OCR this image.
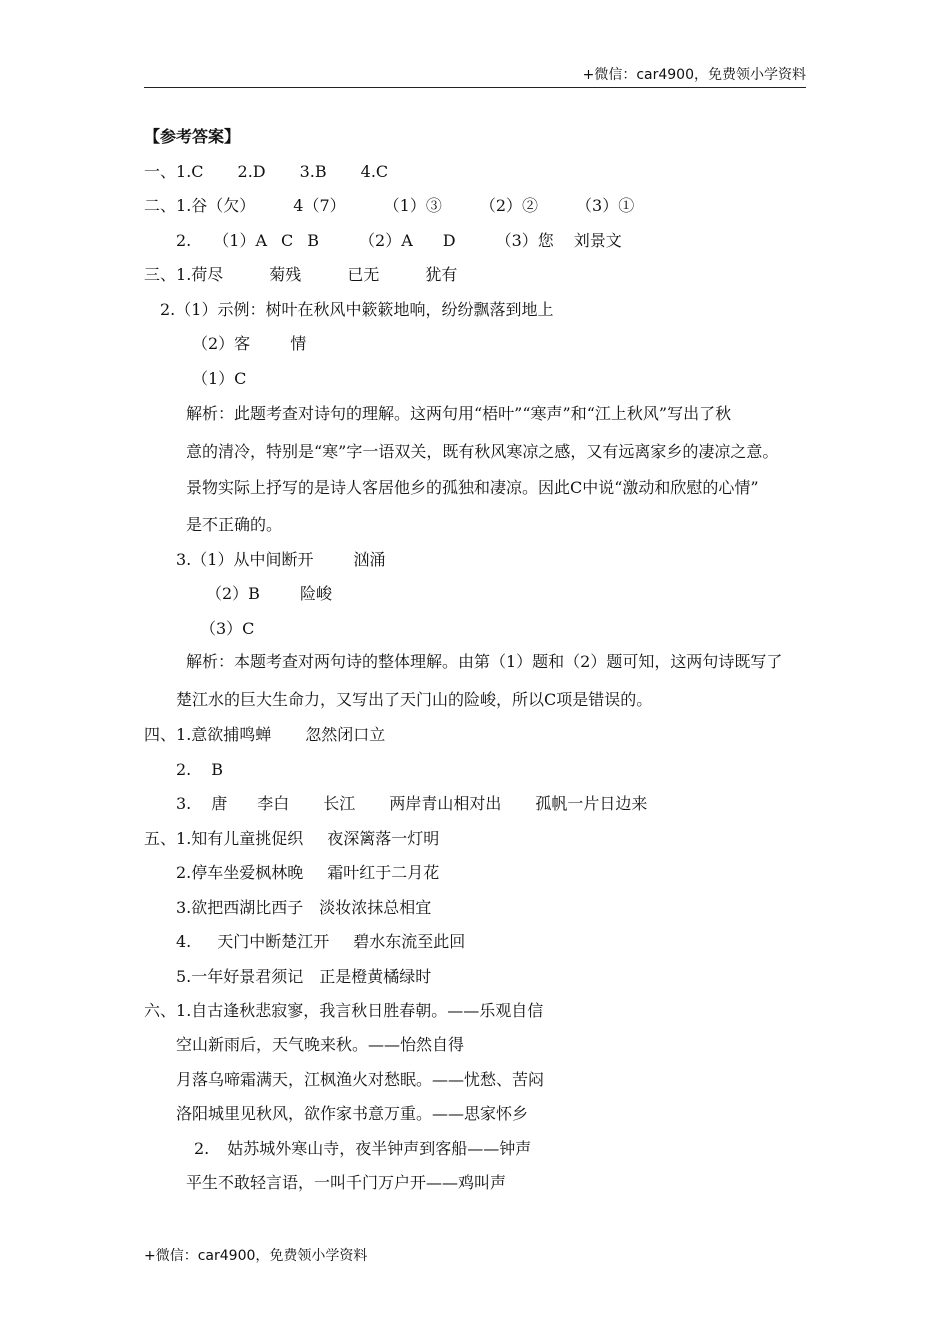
+微信：car4900，免费领小学资料
【参考答案】
一、1.C 2.D 3.B 4.C
二、1.谷（欠） 4（7） （1）③ （2）② （3）①
2. （1）A C B	（2）A D	（3）您 刘景文
三、1.荷尽	菊残	已无	犹有
2.（1）示例：树叶在秋风中簌簌地响，纷纷飘落到地上
（2）客	情
（1）C
解析：此题考查对诗句的理解。这两句用“梧叶”“寒声”和“江上秋风”写出了秋
意的清冷，特别是“寒”字一语双关，既有秋风寒凉之感，又有远离家乡的凄凉之意。
景物实际上抒写的是诗人客居他乡的孤独和凄凉。因此C中说“激动和欣慰的心情”
是不正确的。
3.（1）从中间断开	汹涌
（2）B	险峻
（3）C
解析：本题考查对两句诗的整体理解。由第（1）题和（2）题可知，这两句诗既写了
楚江水的巨大生命力，又写出了天门山的险峻，所以C项是错误的。
四、1.意欲捕鸣蝉 忽然闭口立
2. B
3. 唐 李白 长江 两岸青山相对出 孤帆一片日边来
五、1.知有儿童挑促织 夜深篱落一灯明
2.停车坐爱枫林晚 霜叶红于二月花
3.欲把西湖比西子 淡妆浓抹总相宜
4. 天门中断楚江开 碧水东流至此回
5.一年好景君须记 正是橙黄橘绿时
六、1.自古逢秋悲寂寥，我言秋日胜春朝。——乐观自信
空山新雨后，天气晚来秋。——怡然自得
月落乌啼霜满天，江枫渔火对愁眠。——忧愁、苦闷
洛阳城里见秋风，欲作家书意万重。——思家怀乡
2. 姑苏城外寒山寺，夜半钟声到客船——钟声
平生不敢轻言语，一叫千门万户开——鸡叫声
+微信：car4900，免费领小学资料
